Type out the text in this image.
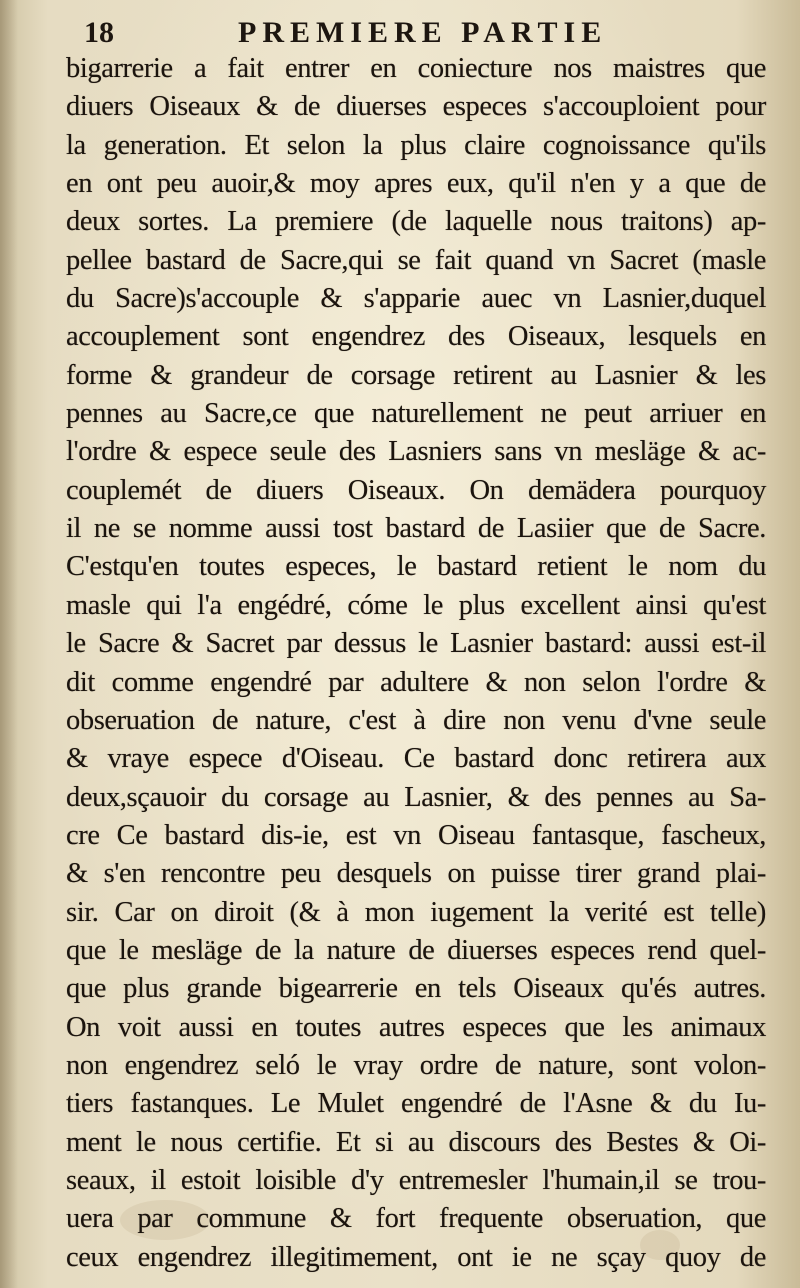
18	PREMIERE PARTIE
bigarrerie a fait entrer en coniecture nos maistres que
diuers Oiseaux & de diuerses especes s'accouploient pour
la generation. Et selon la plus claire cognoissance qu'ils
en ont peu auoir,& moy apres eux, qu'il n'en y a que de
deux sortes. La premiere (de laquelle nous traitons) ap-
pellee bastard de Sacre,qui se fait quand vn Sacret (masle
du Sacre)s'accouple & s'apparie auec vn Lasnier,duquel
accouplement sont engendrez des Oiseaux, lesquels en
forme & grandeur de corsage retirent au Lasnier & les
pennes au Sacre,ce que naturellement ne peut arriuer en
l'ordre & espece seule des Lasniers sans vn mesläge & ac-
couplemét de diuers Oiseaux. On demädera pourquoy
il ne se nomme aussi tost bastard de Lasiier que de Sacre.
C'estqu'en toutes especes, le bastard retient le nom du
masle qui l'a engédré, cóme le plus excellent ainsi qu'est
le Sacre & Sacret par dessus le Lasnier bastard: aussi est-il
dit comme engendré par adultere & non selon l'ordre &
obseruation de nature, c'est à dire non venu d'vne seule
& vraye espece d'Oiseau. Ce bastard donc retirera aux
deux,sçauoir du corsage au Lasnier, & des pennes au Sa-
cre Ce bastard dis-ie, est vn Oiseau fantasque, fascheux,
& s'en rencontre peu desquels on puisse tirer grand plai-
sir. Car on diroit (& à mon iugement la verité est telle)
que le mesläge de la nature de diuerses especes rend quel-
que plus grande bigearrerie en tels Oiseaux qu'és autres.
On voit aussi en toutes autres especes que les animaux
non engendrez seló le vray ordre de nature, sont volon-
tiers fastanques. Le Mulet engendré de l'Asne & du Iu-
ment le nous certifie. Et si au discours des Bestes & Oi-
seaux, il estoit loisible d'y entremesler l'humain,il se trou-
uera par commune & fort frequente obseruation, que
ceux engendrez illegitimement, ont ie ne sçay quoy de
